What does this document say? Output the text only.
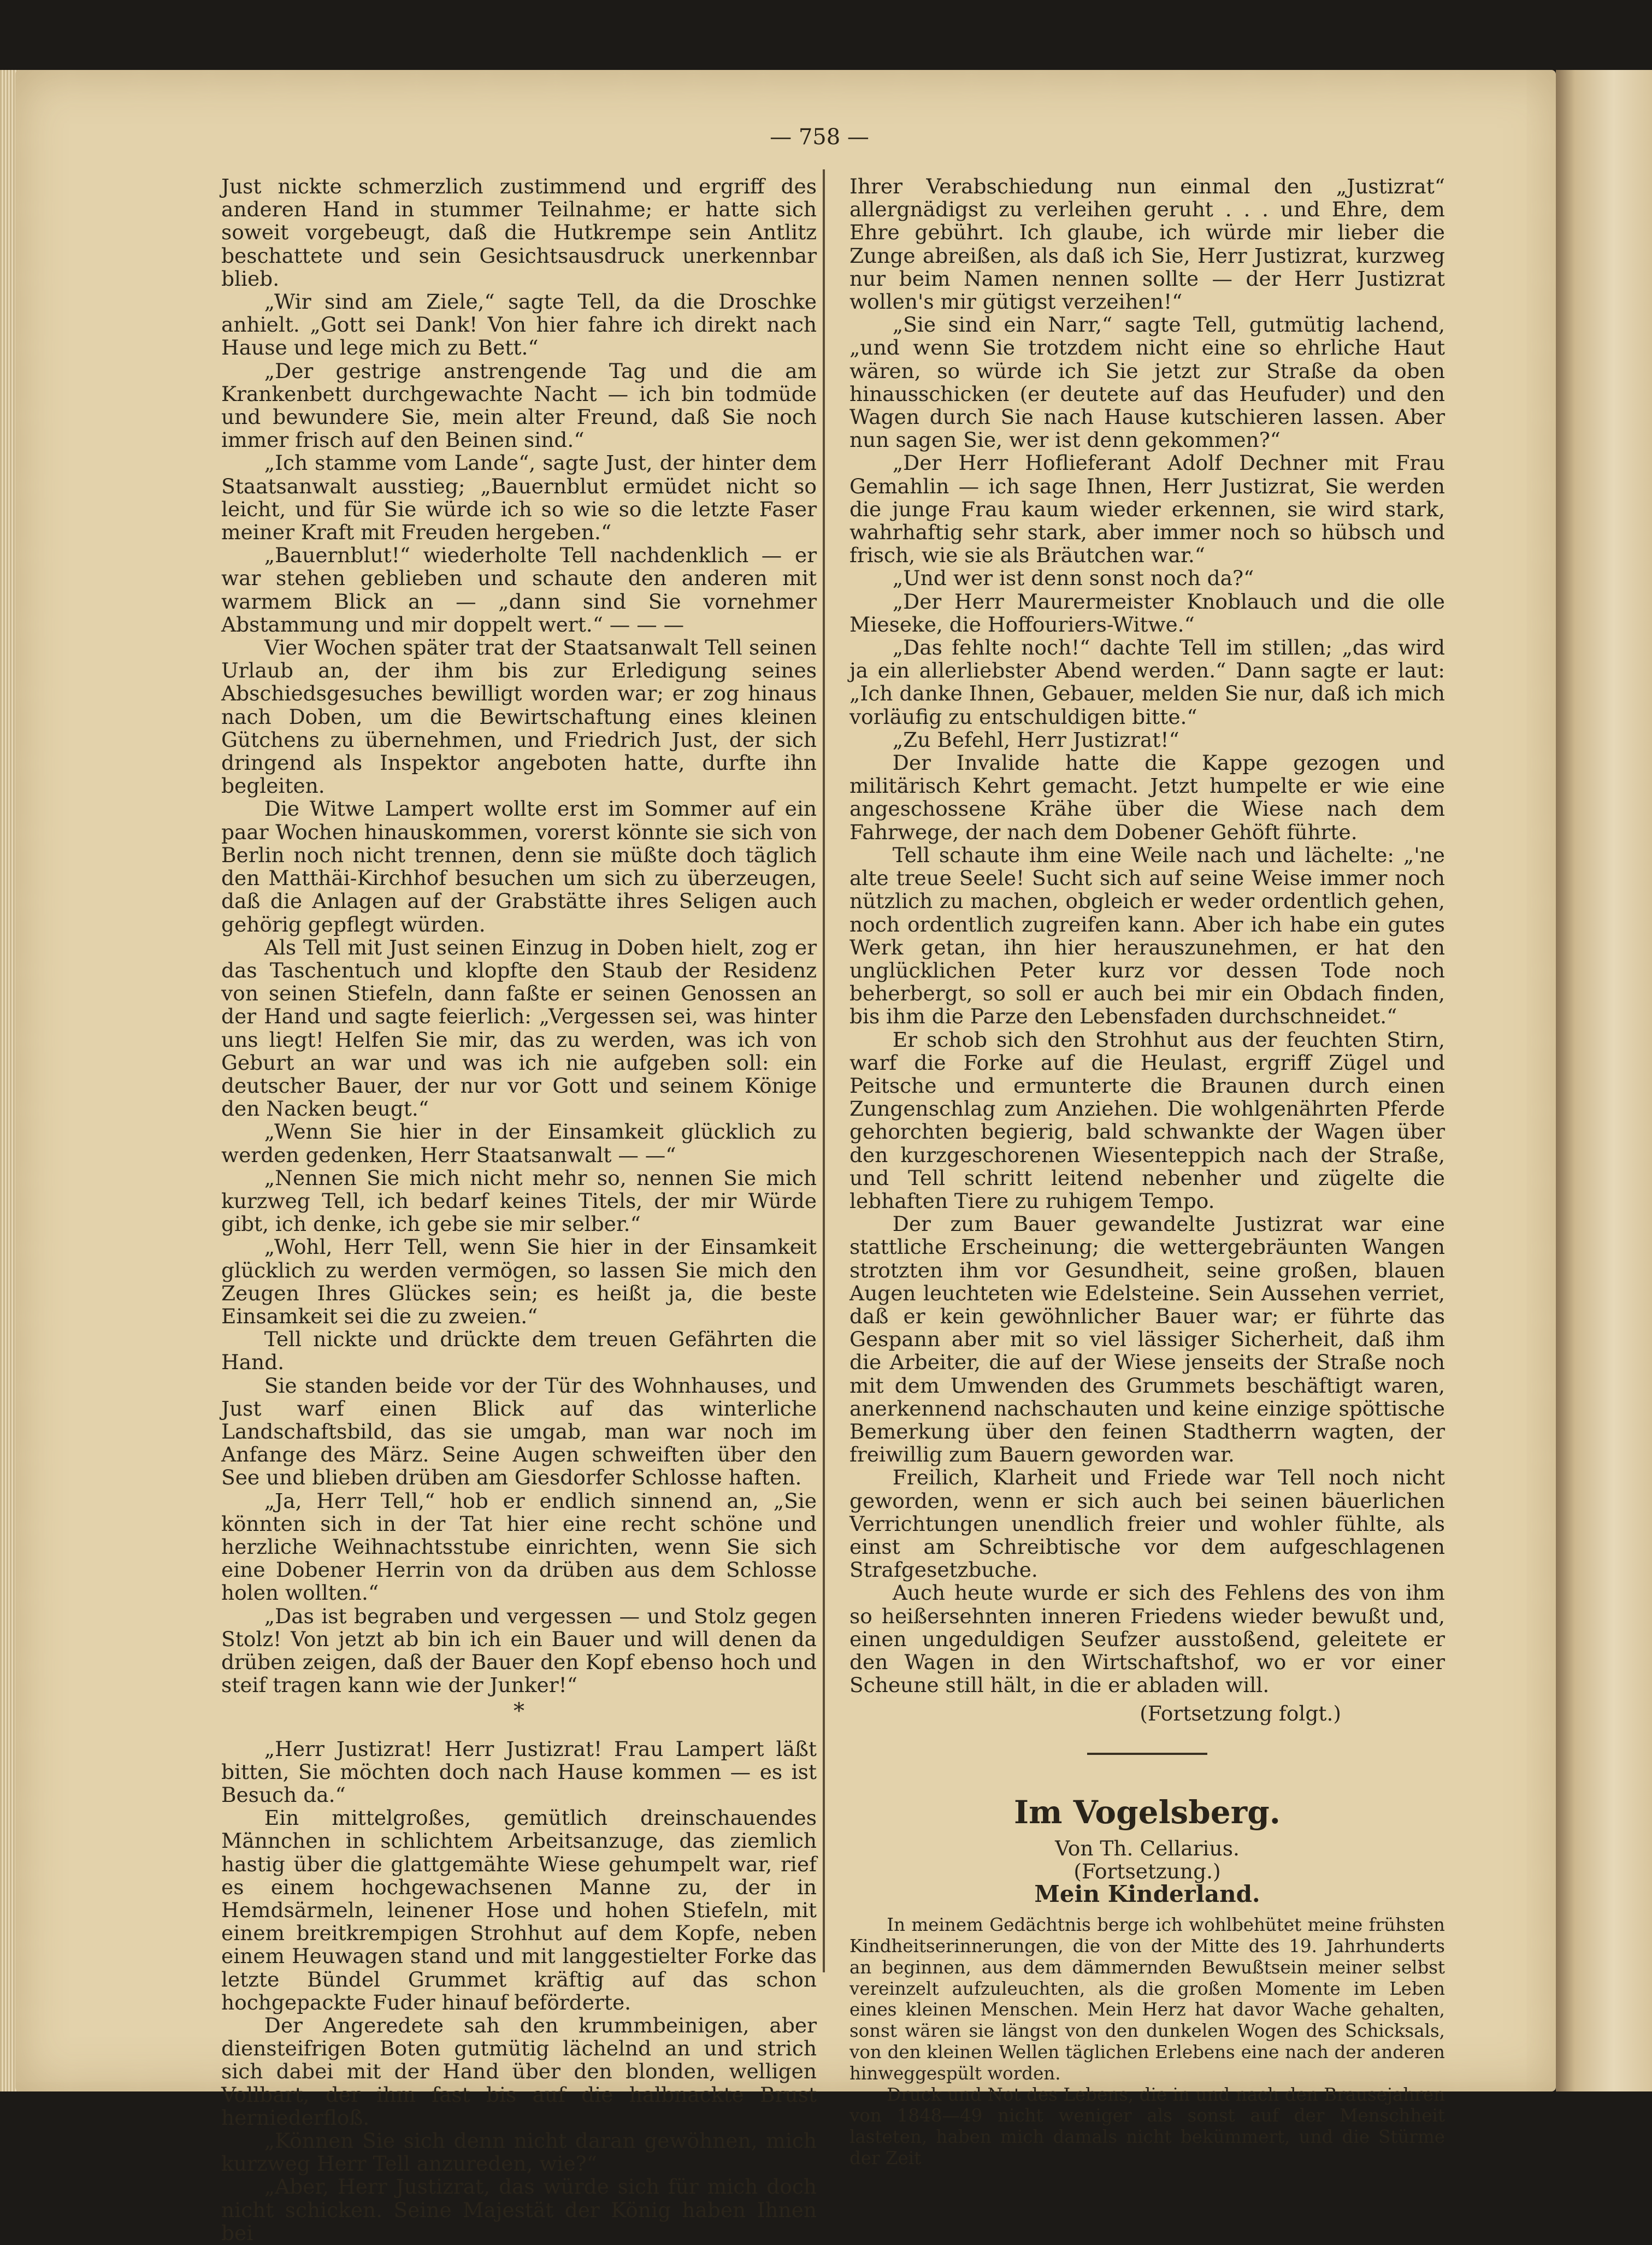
— 758 —

Just nickte schmerzlich zustimmend und ergriff des anderen Hand in stummer Teilnahme; er hatte sich soweit vorgebeugt, daß die Hutkrempe sein Antlitz beschattete und sein Gesichtsausdruck unerkennbar blieb.

„Wir sind am Ziele,“ sagte Tell, da die Droschke anhielt. „Gott sei Dank! Von hier fahre ich direkt nach Hause und lege mich zu Bett.“

„Der gestrige anstrengende Tag und die am Krankenbett durchgewachte Nacht — ich bin todmüde und bewundere Sie, mein alter Freund, daß Sie noch immer frisch auf den Beinen sind.“

„Ich stamme vom Lande“, sagte Just, der hinter dem Staatsanwalt ausstieg; „Bauernblut ermüdet nicht so leicht, und für Sie würde ich so wie so die letzte Faser meiner Kraft mit Freuden hergeben.“

„Bauernblut!“ wiederholte Tell nachdenklich — er war stehen geblieben und schaute den anderen mit warmem Blick an — „dann sind Sie vornehmer Abstammung und mir doppelt wert.“ — — —

Vier Wochen später trat der Staatsanwalt Tell seinen Urlaub an, der ihm bis zur Erledigung seines Abschiedsgesuches bewilligt worden war; er zog hinaus nach Doben, um die Bewirtschaftung eines kleinen Gütchens zu übernehmen, und Friedrich Just, der sich dringend als Inspektor angeboten hatte, durfte ihn begleiten.

Die Witwe Lampert wollte erst im Sommer auf ein paar Wochen hinauskommen, vorerst könnte sie sich von Berlin noch nicht trennen, denn sie müßte doch täglich den Matthäi-Kirchhof besuchen um sich zu überzeugen, daß die Anlagen auf der Grabstätte ihres Seligen auch gehörig gepflegt würden.

Als Tell mit Just seinen Einzug in Doben hielt, zog er das Taschentuch und klopfte den Staub der Residenz von seinen Stiefeln, dann faßte er seinen Genossen an der Hand und sagte feierlich: „Vergessen sei, was hinter uns liegt! Helfen Sie mir, das zu werden, was ich von Geburt an war und was ich nie aufgeben soll: ein deutscher Bauer, der nur vor Gott und seinem Könige den Nacken beugt.“

„Wenn Sie hier in der Einsamkeit glücklich zu werden gedenken, Herr Staatsanwalt — —“

„Nennen Sie mich nicht mehr so, nennen Sie mich kurzweg Tell, ich bedarf keines Titels, der mir Würde gibt, ich denke, ich gebe sie mir selber.“

„Wohl, Herr Tell, wenn Sie hier in der Einsamkeit glücklich zu werden vermögen, so lassen Sie mich den Zeugen Ihres Glückes sein; es heißt ja, die beste Einsamkeit sei die zu zweien.“

Tell nickte und drückte dem treuen Gefährten die Hand.

Sie standen beide vor der Tür des Wohnhauses, und Just warf einen Blick auf das winterliche Landschaftsbild, das sie umgab, man war noch im Anfange des März. Seine Augen schweiften über den See und blieben drüben am Giesdorfer Schlosse haften.

„Ja, Herr Tell,“ hob er endlich sinnend an, „Sie könnten sich in der Tat hier eine recht schöne und herzliche Weihnachtsstube einrichten, wenn Sie sich eine Dobener Herrin von da drüben aus dem Schlosse holen wollten.“

„Das ist begraben und vergessen — und Stolz gegen Stolz! Von jetzt ab bin ich ein Bauer und will denen da drüben zeigen, daß der Bauer den Kopf ebenso hoch und steif tragen kann wie der Junker!“

*

„Herr Justizrat! Herr Justizrat! Frau Lampert läßt bitten, Sie möchten doch nach Hause kommen — es ist Besuch da.“

Ein mittelgroßes, gemütlich dreinschauendes Männchen in schlichtem Arbeitsanzuge, das ziemlich hastig über die glattgemähte Wiese gehumpelt war, rief es einem hochgewachsenen Manne zu, der in Hemdsärmeln, leinener Hose und hohen Stiefeln, mit einem breitkrempigen Strohhut auf dem Kopfe, neben einem Heuwagen stand und mit langgestielter Forke das letzte Bündel Grummet kräftig auf das schon hochgepackte Fuder hinauf beförderte.

Der Angeredete sah den krummbeinigen, aber diensteifrigen Boten gutmütig lächelnd an und strich sich dabei mit der Hand über den blonden, welligen Vollbart, der ihm fast bis auf die halbnackte Brust herniederfloß.

„Können Sie sich denn nicht daran gewöhnen, mich kurzweg Herr Tell anzureden, wie?“

„Aber, Herr Justizrat, das würde sich für mich doch nicht schicken. Seine Majestät der König haben Ihnen bei

Ihrer Verabschiedung nun einmal den „Justizrat“ allergnädigst zu verleihen geruht . . . und Ehre, dem Ehre gebührt. Ich glaube, ich würde mir lieber die Zunge abreißen, als daß ich Sie, Herr Justizrat, kurzweg nur beim Namen nennen sollte — der Herr Justizrat wollen's mir gütigst verzeihen!“

„Sie sind ein Narr,“ sagte Tell, gutmütig lachend, „und wenn Sie trotzdem nicht eine so ehrliche Haut wären, so würde ich Sie jetzt zur Straße da oben hinausschicken (er deutete auf das Heufuder) und den Wagen durch Sie nach Hause kutschieren lassen. Aber nun sagen Sie, wer ist denn gekommen?“

„Der Herr Hoflieferant Adolf Dechner mit Frau Gemahlin — ich sage Ihnen, Herr Justizrat, Sie werden die junge Frau kaum wieder erkennen, sie wird stark, wahrhaftig sehr stark, aber immer noch so hübsch und frisch, wie sie als Bräutchen war.“

„Und wer ist denn sonst noch da?“

„Der Herr Maurermeister Knoblauch und die olle Mieseke, die Hoffouriers-Witwe.“

„Das fehlte noch!“ dachte Tell im stillen; „das wird ja ein allerliebster Abend werden.“ Dann sagte er laut: „Ich danke Ihnen, Gebauer, melden Sie nur, daß ich mich vorläufig zu entschuldigen bitte.“

„Zu Befehl, Herr Justizrat!“

Der Invalide hatte die Kappe gezogen und militärisch Kehrt gemacht. Jetzt humpelte er wie eine angeschossene Krähe über die Wiese nach dem Fahrwege, der nach dem Dobener Gehöft führte.

Tell schaute ihm eine Weile nach und lächelte: „'ne alte treue Seele! Sucht sich auf seine Weise immer noch nützlich zu machen, obgleich er weder ordentlich gehen, noch ordentlich zugreifen kann. Aber ich habe ein gutes Werk getan, ihn hier herauszunehmen, er hat den unglücklichen Peter kurz vor dessen Tode noch beherbergt, so soll er auch bei mir ein Obdach finden, bis ihm die Parze den Lebensfaden durchschneidet.“

Er schob sich den Strohhut aus der feuchten Stirn, warf die Forke auf die Heulast, ergriff Zügel und Peitsche und ermunterte die Braunen durch einen Zungenschlag zum Anziehen. Die wohlgenährten Pferde gehorchten begierig, bald schwankte der Wagen über den kurzgeschorenen Wiesenteppich nach der Straße, und Tell schritt leitend nebenher und zügelte die lebhaften Tiere zu ruhigem Tempo.

Der zum Bauer gewandelte Justizrat war eine stattliche Erscheinung; die wettergebräunten Wangen strotzten ihm vor Gesundheit, seine großen, blauen Augen leuchteten wie Edelsteine. Sein Aussehen verriet, daß er kein gewöhnlicher Bauer war; er führte das Gespann aber mit so viel lässiger Sicherheit, daß ihm die Arbeiter, die auf der Wiese jenseits der Straße noch mit dem Umwenden des Grummets beschäftigt waren, anerkennend nachschauten und keine einzige spöttische Bemerkung über den feinen Stadtherrn wagten, der freiwillig zum Bauern geworden war.

Freilich, Klarheit und Friede war Tell noch nicht geworden, wenn er sich auch bei seinen bäuerlichen Verrichtungen unendlich freier und wohler fühlte, als einst am Schreibtische vor dem aufgeschlagenen Strafgesetzbuche.

Auch heute wurde er sich des Fehlens des von ihm so heißersehnten inneren Friedens wieder bewußt und, einen ungeduldigen Seufzer ausstoßend, geleitete er den Wagen in den Wirtschaftshof, wo er vor einer Scheune still hält, in die er abladen will.

(Fortsetzung folgt.)
Im Vogelsberg.
Von Th. Cellarius.
(Fortsetzung.)
Mein Kinderland.

In meinem Gedächtnis berge ich wohlbehütet meine frühsten Kindheitserinnerungen, die von der Mitte des 19. Jahrhunderts an beginnen, aus dem dämmernden Bewußtsein meiner selbst vereinzelt aufzuleuchten, als die großen Momente im Leben eines kleinen Menschen. Mein Herz hat davor Wache gehalten, sonst wären sie längst von den dunkelen Wogen des Schicksals, von den kleinen Wellen täglichen Erlebens eine nach der anderen hinweggespült worden.

Druck und Not des Lebens, die in und nach den Brausejahren von 1848—49 nicht weniger als sonst auf der Menschheit lasteten, haben mich damals nicht bekümmert, und die Stürme der Zeit
